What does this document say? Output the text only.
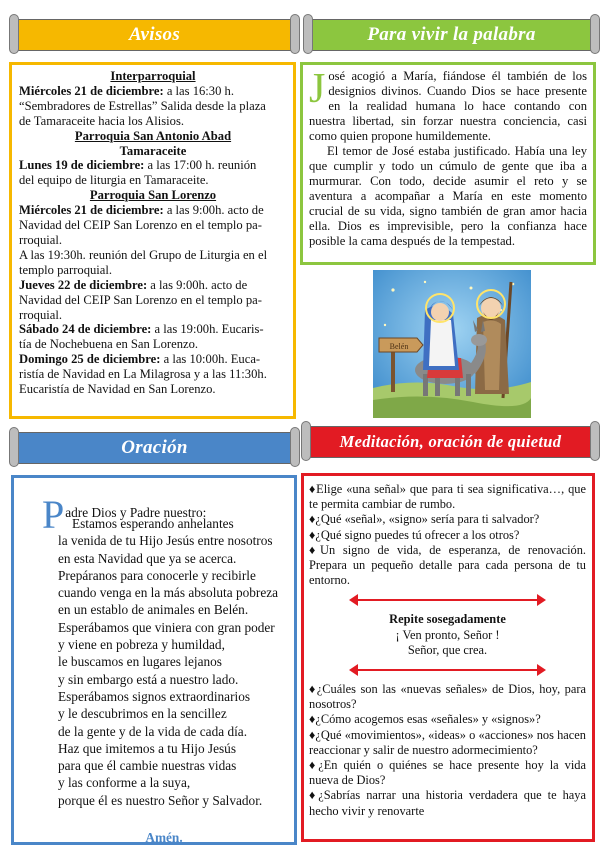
Avisos	Para vivir la palabra
Oración	Meditación, oración de quietud
Interparroquial
Miércoles 21 de diciembre: a las 16:30 h.
“Sembradores de Estrellas” Salida desde la plaza
de Tamaraceite hacia los Alisios.
Parroquia San Antonio Abad
Tamaraceite
Lunes 19 de diciembre: a las 17:00 h. reunión
del equipo de liturgia en Tamaraceite.
Parroquia San Lorenzo
Miércoles 21 de diciembre: a las 9:00h. acto de
Navidad del CEIP San Lorenzo en el templo pa-
rroquial.
A las 19:30h. reunión del Grupo de Liturgia en el
templo parroquial.
Jueves 22 de diciembre: a las 9:00h. acto de
Navidad del CEIP San Lorenzo en el templo pa-
rroquial.
Sábado 24 de diciembre: a las 19:00h. Eucaris-
tía de Nochebuena en San Lorenzo.
Domingo 25 de diciembre: a las 10:00h. Euca-
ristía de Navidad en La Milagrosa y a las 11:30h.
Eucaristía de Navidad en San Lorenzo.
J osé acogió a María, fiándose él también de los designios divinos. Cuando Dios se hace presente en la realidad humana lo hace contando con nuestra libertad, sin forzar nuestra conciencia, casi como quien propone humildemente.

El temor de José estaba justificado. Había una ley que cumplir y todo un cúmulo de gente que iba a murmurar. Con todo, decide asumir el reto y se aventura a acompañar a María en este momento crucial de su vida, signo también de gran amor hacia ella. Dios es imprevisible, pero la confianza hace posible la cama después de la tempestad.

Belén
P adre Dios y Padre nuestro:
Estamos esperando anhelantes
la venida de tu Hijo Jesús entre nosotros
en esta Navidad que ya se acerca.
Prepáranos para conocerle y recibirle
cuando venga en la más absoluta pobreza
en un establo de animales en Belén.
Esperábamos que viniera con gran poder
y viene en pobreza y humildad,
le buscamos en lugares lejanos
y sin embargo está a nuestro lado.
Esperábamos signos extraordinarios
y le descubrimos en la sencillez
de la gente y de la vida de cada día.
Haz que imitemos a tu Hijo Jesús
para que él cambie nuestras vidas
y las conforme a la suya,
porque él es nuestro Señor y Salvador.
Amén.

♦Elige «una señal» que para ti sea significativa…, que te permita cambiar de rumbo.

♦¿Qué «señal», «signo» sería para ti salvador?

♦¿Qué signo puedes tú ofrecer a los otros?

♦Un signo de vida, de esperanza, de renovación. Prepara un pequeño detalle para cada persona de tu entorno.

Repite sosegadamente
¡ Ven pronto, Señor !
Señor, que crea.

♦¿Cuáles son las «nuevas señales» de Dios, hoy, para nosotros?

♦¿Cómo acogemos esas «señales» y «signos»?

♦¿Qué «movimientos», «ideas» o «acciones» nos hacen reaccionar y salir de nuestro adormecimiento?

♦¿En quién o quiénes se hace presente hoy la vida nueva de Dios?

♦¿Sabrías narrar una historia verdadera que te haya hecho vivir y renovarte
